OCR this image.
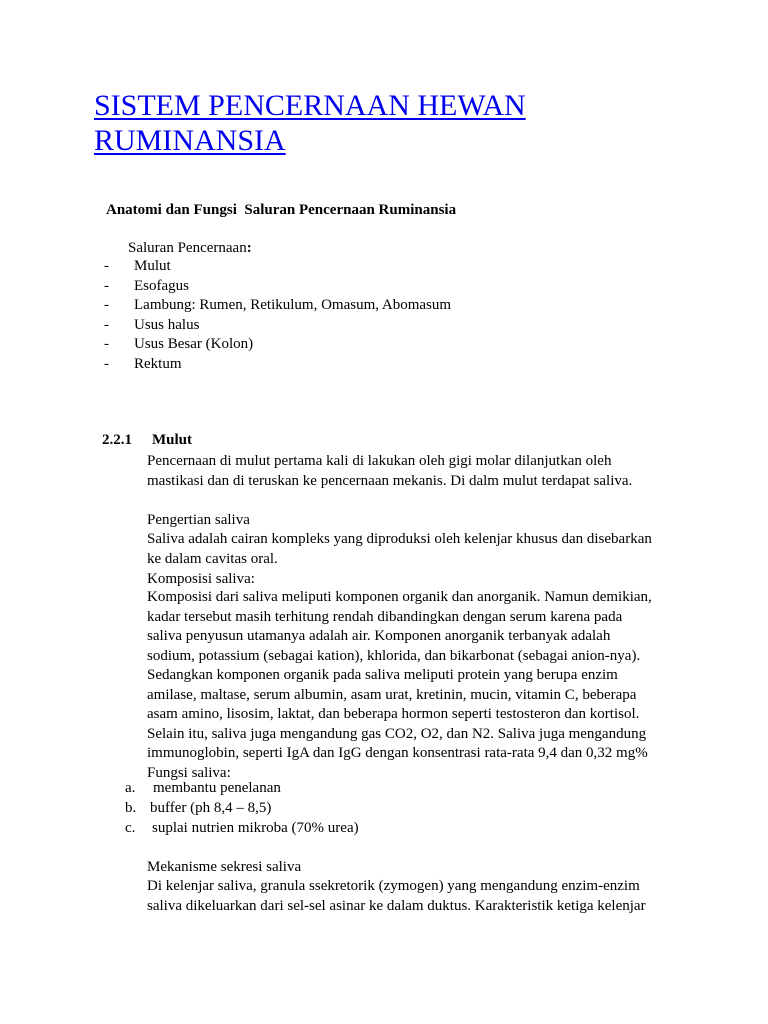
SISTEM PENCERNAAN HEWAN
RUMINANSIA
Anatomi dan Fungsi  Saluran Pencernaan Ruminansia
Saluran Pencernaan:
- Mulut
- Esofagus
- Lambung: Rumen, Retikulum, Omasum, Abomasum
- Usus halus
- Usus Besar (Kolon)
- Rektum
2.2.1 Mulut
Pencernaan di mulut pertama kali di lakukan oleh gigi molar dilanjutkan oleh
mastikasi dan di teruskan ke pencernaan mekanis. Di dalm mulut terdapat saliva.
Pengertian saliva
Saliva adalah cairan kompleks yang diproduksi oleh kelenjar khusus dan disebarkan
ke dalam cavitas oral.
Komposisi saliva:
Komposisi dari saliva meliputi komponen organik dan anorganik. Namun demikian,
kadar tersebut masih terhitung rendah dibandingkan dengan serum karena pada
saliva penyusun utamanya adalah air. Komponen anorganik terbanyak adalah
sodium, potassium (sebagai kation), khlorida, dan bikarbonat (sebagai anion-nya).
Sedangkan komponen organik pada saliva meliputi protein yang berupa enzim
amilase, maltase, serum albumin, asam urat, kretinin, mucin, vitamin C, beberapa
asam amino, lisosim, laktat, dan beberapa hormon seperti testosteron dan kortisol.
Selain itu, saliva juga mengandung gas CO2, O2, dan N2. Saliva juga mengandung
immunoglobin, seperti IgA dan IgG dengan konsentrasi rata-rata 9,4 dan 0,32 mg%
Fungsi saliva:
a. membantu penelanan
b. buffer (ph 8,4 – 8,5)
c. suplai nutrien mikroba (70% urea)
Mekanisme sekresi saliva
Di kelenjar saliva, granula ssekretorik (zymogen) yang mengandung enzim-enzim
saliva dikeluarkan dari sel-sel asinar ke dalam duktus. Karakteristik ketiga kelenjar
